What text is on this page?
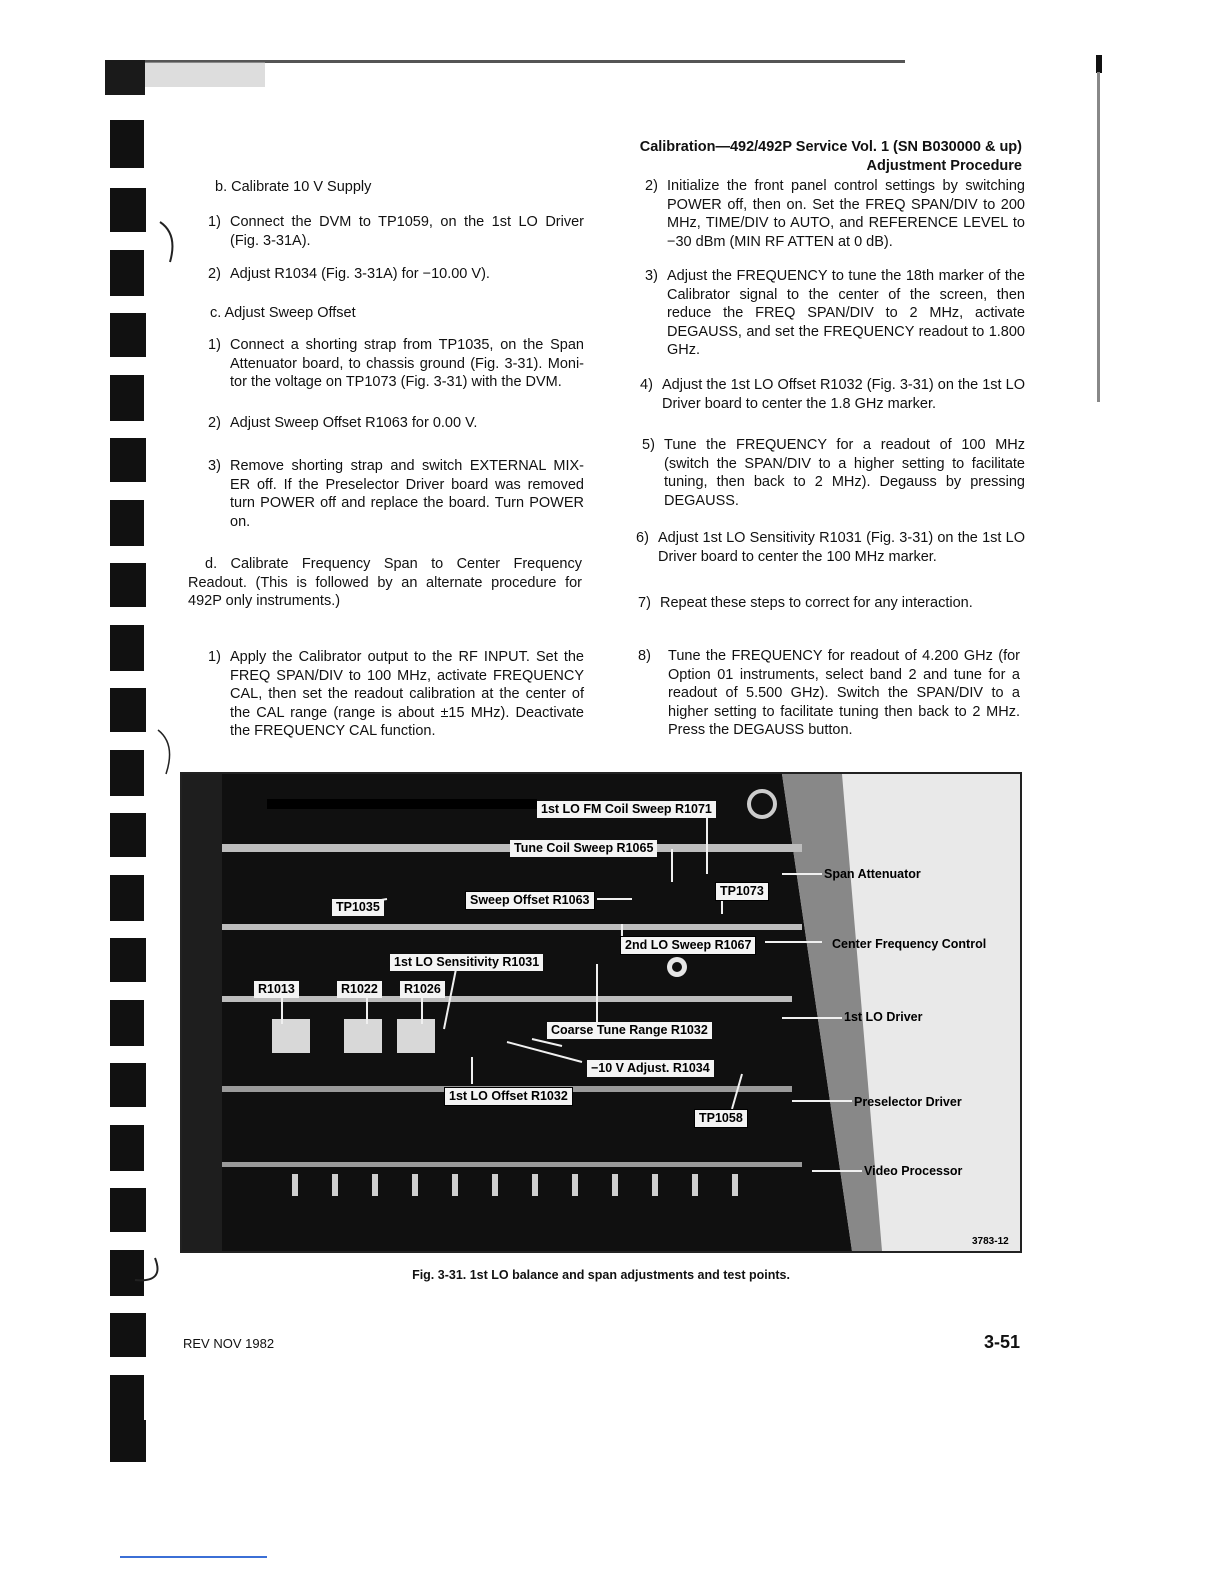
Calibration—492/492P Service Vol. 1 (SN B030000 & up)
Adjustment Procedure
b. Calibrate 10 V Supply
1) Connect the DVM to TP1059, on the 1st LO Driver (Fig. 3-31A).
2) Adjust R1034 (Fig. 3-31A) for −10.00 V).
c. Adjust Sweep Offset
1) Connect a shorting strap from TP1035, on the Span Attenuator board, to chassis ground (Fig. 3-31). Moni- tor the voltage on TP1073 (Fig. 3-31) with the DVM.
2) Adjust Sweep Offset R1063 for 0.00 V.
3) Remove shorting strap and switch EXTERNAL MIX- ER off. If the Preselector Driver board was removed turn POWER off and replace the board. Turn POWER on.
d. Calibrate Frequency Span to Center Frequency Readout. (This is followed by an alternate procedure for 492P only instruments.)
1) Apply the Calibrator output to the RF INPUT. Set the FREQ SPAN/DIV to 100 MHz, activate FREQUENCY CAL, then set the readout calibration at the center of the CAL range (range is about ±15 MHz). Deactivate the FREQUENCY CAL function.
2) Initialize the front panel control settings by switching POWER off, then on. Set the FREQ SPAN/DIV to 200 MHz, TIME/DIV to AUTO, and REFERENCE LEVEL to −30 dBm (MIN RF ATTEN at 0 dB).
3) Adjust the FREQUENCY to tune the 18th marker of the Calibrator signal to the center of the screen, then reduce the FREQ SPAN/DIV to 2 MHz, activate DEGAUSS, and set the FREQUENCY readout to 1.800 GHz.
4) Adjust the 1st LO Offset R1032 (Fig. 3-31) on the 1st LO Driver board to center the 1.8 GHz marker.
5) Tune the FREQUENCY for a readout of 100 MHz (switch the SPAN/DIV to a higher setting to facilitate tuning, then back to 2 MHz). Degauss by pressing DEGAUSS.
6) Adjust 1st LO Sensitivity R1031 (Fig. 3-31) on the 1st LO Driver board to center the 100 MHz marker.
7) Repeat these steps to correct for any interaction.
8)	Tune the FREQUENCY for readout of 4.200 GHz (for Option 01 instruments, select band 2 and tune for a readout of 5.500 GHz). Switch the SPAN/DIV to a higher setting to facilitate tuning then back to 2 MHz. Press the DEGAUSS button.
1st LO FM Coil Sweep R1071
Tune Coil Sweep R1065
Sweep Offset R1063
TP1073
TP1035
2nd LO Sweep R1067
1st LO Sensitivity R1031
R1013	R1022	R1026
Coarse Tune Range R1032
−10 V Adjust. R1034
1st LO Offset R1032
TP1058
Span Attenuator
Center Frequency Control
1st LO Driver
Preselector Driver
Video Processor
3783-12
Fig. 3-31. 1st LO balance and span adjustments and test points.
REV NOV 1982	3-51
